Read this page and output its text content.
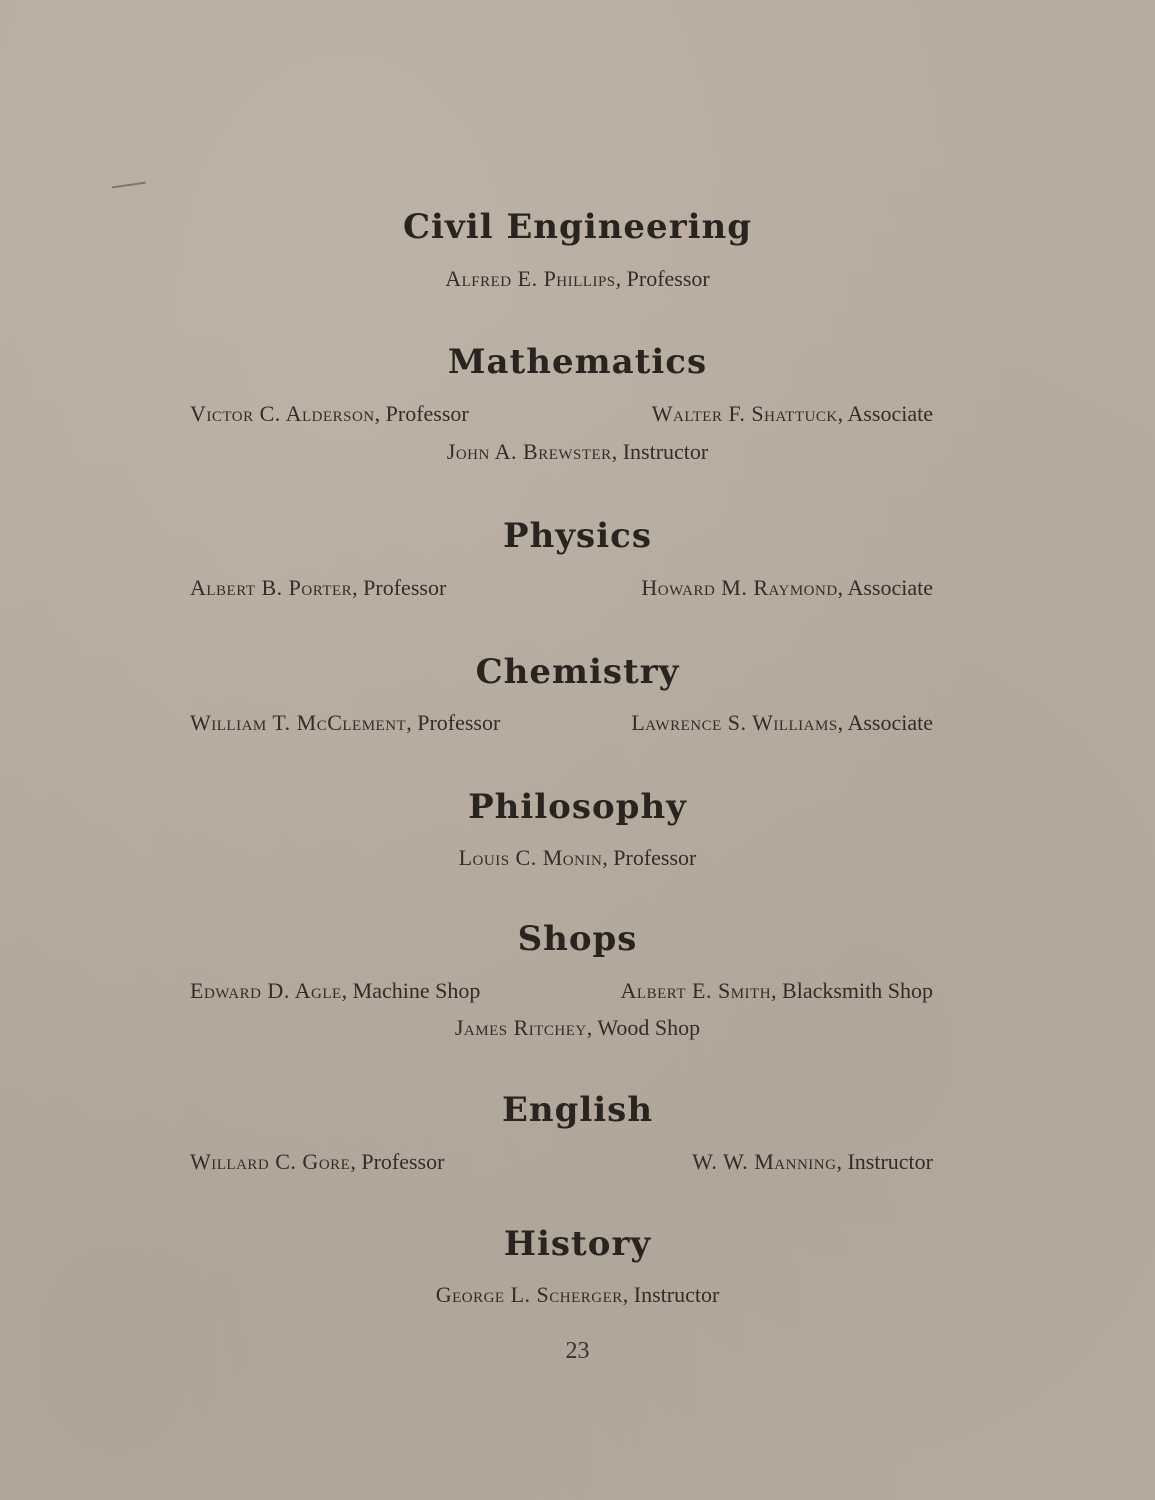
Civil Engineering
Alfred E. Phillips, Professor
Mathematics
Victor C. Alderson, Professor	Walter F. Shattuck, Associate
John A. Brewster, Instructor
Physics
Albert B. Porter, Professor	Howard M. Raymond, Associate
Chemistry
William T. McClement, Professor	Lawrence S. Williams, Associate
Philosophy
Louis C. Monin, Professor
Shops
Edward D. Agle, Machine Shop	Albert E. Smith, Blacksmith Shop
James Ritchey, Wood Shop
English
Willard C. Gore, Professor	W. W. Manning, Instructor
History
George L. Scherger, Instructor
23
